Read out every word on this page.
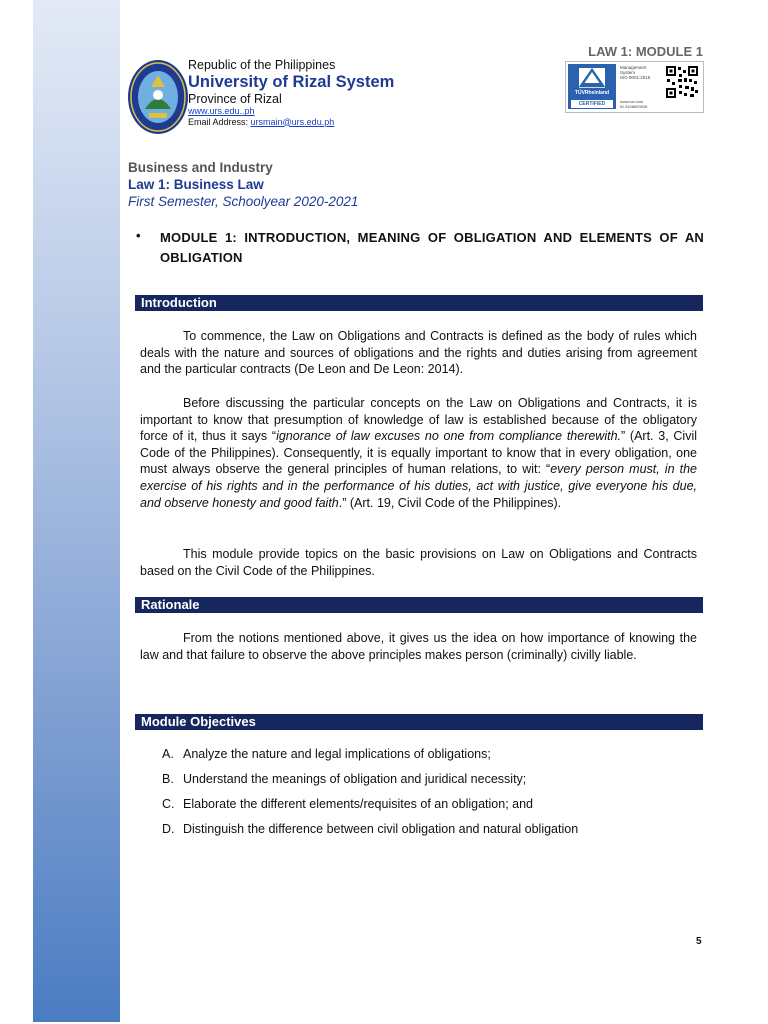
Republic of the Philippines
University of Rizal System
Province of Rizal
www.urs.edu..ph
Email Address: ursmain@urs.edu.ph
LAW 1: MODULE 1
TÜVRheinland
CERTIFIED
Management
System
ISO 9001:2015
www.tuv.com
ID 9108653926
Business and Industry
Law 1: Business Law
First Semester, Schoolyear 2020-2021
• MODULE 1: INTRODUCTION, MEANING OF OBLIGATION AND ELEMENTS OF AN OBLIGATION
Introduction
To commence, the Law on Obligations and Contracts is defined as the body of rules which deals with the nature and sources of obligations and the rights and duties arising from agreement and the particular contracts (De Leon and De Leon: 2014).
Before discussing the particular concepts on the Law on Obligations and Contracts, it is important to know that presumption of knowledge of law is established because of the obligatory force of it, thus it says “ignorance of law excuses no one from compliance therewith.” (Art. 3, Civil Code of the Philippines). Consequently, it is equally important to know that in every obligation, one must always observe the general principles of human relations, to wit: “every person must, in the exercise of his rights and in the performance of his duties, act with justice, give everyone his due, and observe honesty and good faith.” (Art. 19, Civil Code of the Philippines).
This module provide topics on the basic provisions on Law on Obligations and Contracts based on the Civil Code of the Philippines.
Rationale
From the notions mentioned above, it gives us the idea on how importance of knowing the law and that failure to observe the above principles makes person (criminally) civilly liable.
Module Objectives
A. Analyze the nature and legal implications of obligations;
B. Understand the meanings of obligation and juridical necessity;
C. Elaborate the different elements/requisites of an obligation; and
D. Distinguish the difference between civil obligation and natural obligation
5
